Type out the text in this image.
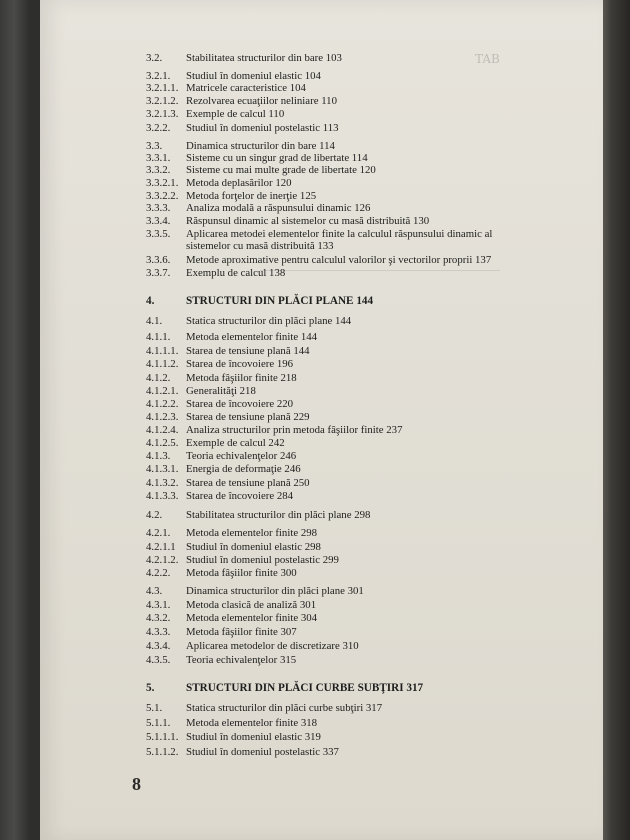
TAB
3.2. Stabilitatea structurilor din bare 103
3.2.1. Studiul în domeniul elastic 104
3.2.1.1. Matricele caracteristice 104
3.2.1.2. Rezolvarea ecuaţiilor neliniare 110
3.2.1.3. Exemple de calcul 110
3.2.2. Studiul în domeniul postelastic 113
3.3. Dinamica structurilor din bare 114
3.3.1. Sisteme cu un singur grad de libertate 114
3.3.2. Sisteme cu mai multe grade de libertate 120
3.3.2.1. Metoda deplasărilor 120
3.3.2.2. Metoda forţelor de inerţie 125
3.3.3. Analiza modală a răspunsului dinamic 126
3.3.4. Răspunsul dinamic al sistemelor cu masă distribuită 130
3.3.5. Aplicarea metodei elementelor finite la calculul răspunsului dinamic al
sistemelor cu masă distribuită 133
3.3.6. Metode aproximative pentru calculul valorilor şi vectorilor proprii 137
3.3.7. Exemplu de calcul 138
4.	STRUCTURI DIN PLĂCI PLANE 144
4.1. Statica structurilor din plăci plane 144
4.1.1. Metoda elementelor finite 144
4.1.1.1. Starea de tensiune plană 144
4.1.1.2. Starea de încovoiere 196
4.1.2. Metoda fâşiilor finite 218
4.1.2.1. Generalităţi 218
4.1.2.2. Starea de încovoiere 220
4.1.2.3. Starea de tensiune plană 229
4.1.2.4. Analiza structurilor prin metoda fâşiilor finite 237
4.1.2.5. Exemple de calcul 242
4.1.3. Teoria echivalenţelor 246
4.1.3.1. Energia de deformaţie 246
4.1.3.2. Starea de tensiune plană 250
4.1.3.3. Starea de încovoiere 284
4.2. Stabilitatea structurilor din plăci plane 298
4.2.1. Metoda elementelor finite 298
4.2.1.1 Studiul în domeniul elastic 298
4.2.1.2. Studiul în domeniul postelastic 299
4.2.2. Metoda fâşiilor finite 300
4.3. Dinamica structurilor din plăci plane 301
4.3.1. Metoda clasică de analiză 301
4.3.2. Metoda elementelor finite 304
4.3.3. Metoda fâşiilor finite 307
4.3.4. Aplicarea metodelor de discretizare 310
4.3.5. Teoria echivalenţelor 315
5.	STRUCTURI DIN PLĂCI CURBE SUBŢIRI 317
5.1. Statica structurilor din plăci curbe subţiri 317
5.1.1. Metoda elementelor finite 318
5.1.1.1. Studiul în domeniul elastic 319
5.1.1.2. Studiul în domeniul postelastic 337
8
